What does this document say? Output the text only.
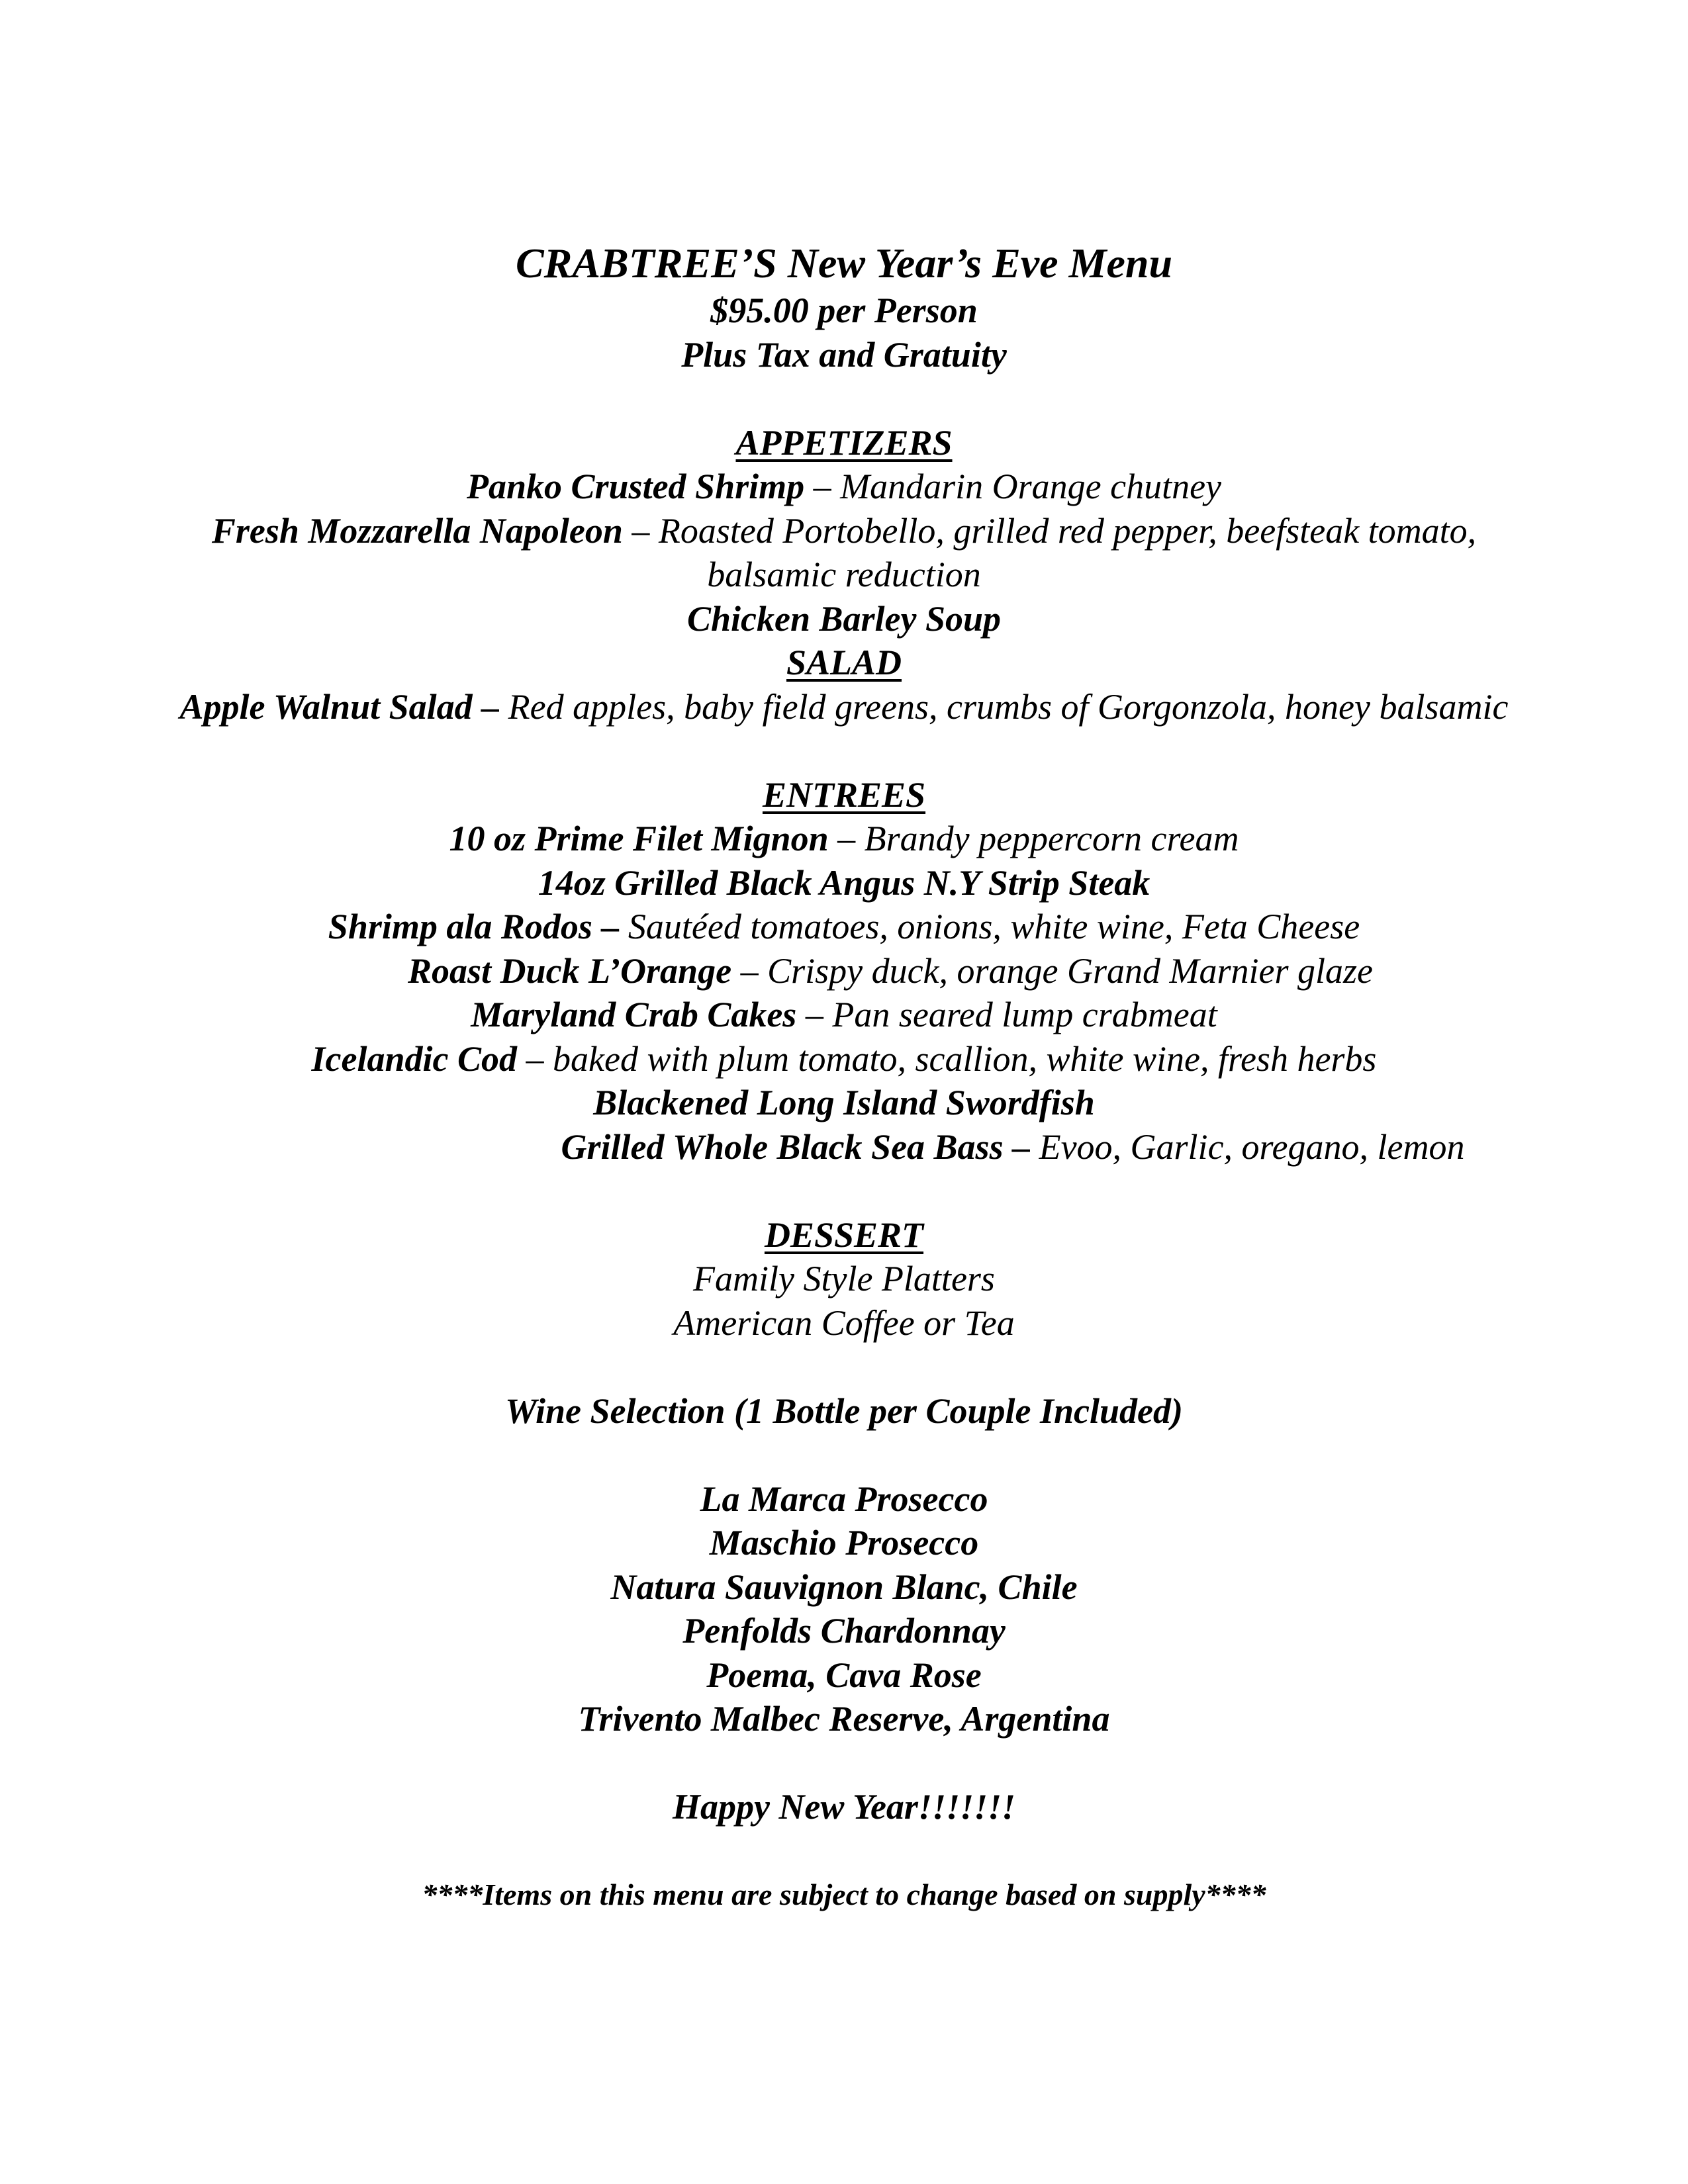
CRABTREE’S New Year’s Eve Menu
$95.00 per Person
Plus Tax and Gratuity
APPETIZERS
Panko Crusted Shrimp – Mandarin Orange chutney
Fresh Mozzarella Napoleon – Roasted Portobello, grilled red pepper, beefsteak tomato, balsamic reduction
Chicken Barley Soup
SALAD
Apple Walnut Salad – Red apples, baby field greens, crumbs of Gorgonzola, honey balsamic
ENTREES
10 oz Prime Filet Mignon – Brandy peppercorn cream
14oz Grilled Black Angus N.Y Strip Steak
Shrimp ala Rodos – Sautéed tomatoes, onions, white wine, Feta Cheese
Roast Duck L’Orange – Crispy duck, orange Grand Marnier glaze
Maryland Crab Cakes – Pan seared lump crabmeat
Icelandic Cod – baked with plum tomato, scallion, white wine, fresh herbs
Blackened Long Island Swordfish
Grilled Whole Black Sea Bass – Evoo, Garlic, oregano, lemon
DESSERT
Family Style Platters
American Coffee or Tea
Wine Selection (1 Bottle per Couple Included)
La Marca Prosecco
Maschio Prosecco
Natura Sauvignon Blanc, Chile
Penfolds Chardonnay
Poema, Cava Rose
Trivento Malbec Reserve, Argentina
Happy New Year!!!!!!!
****Items on this menu are subject to change based on supply****
